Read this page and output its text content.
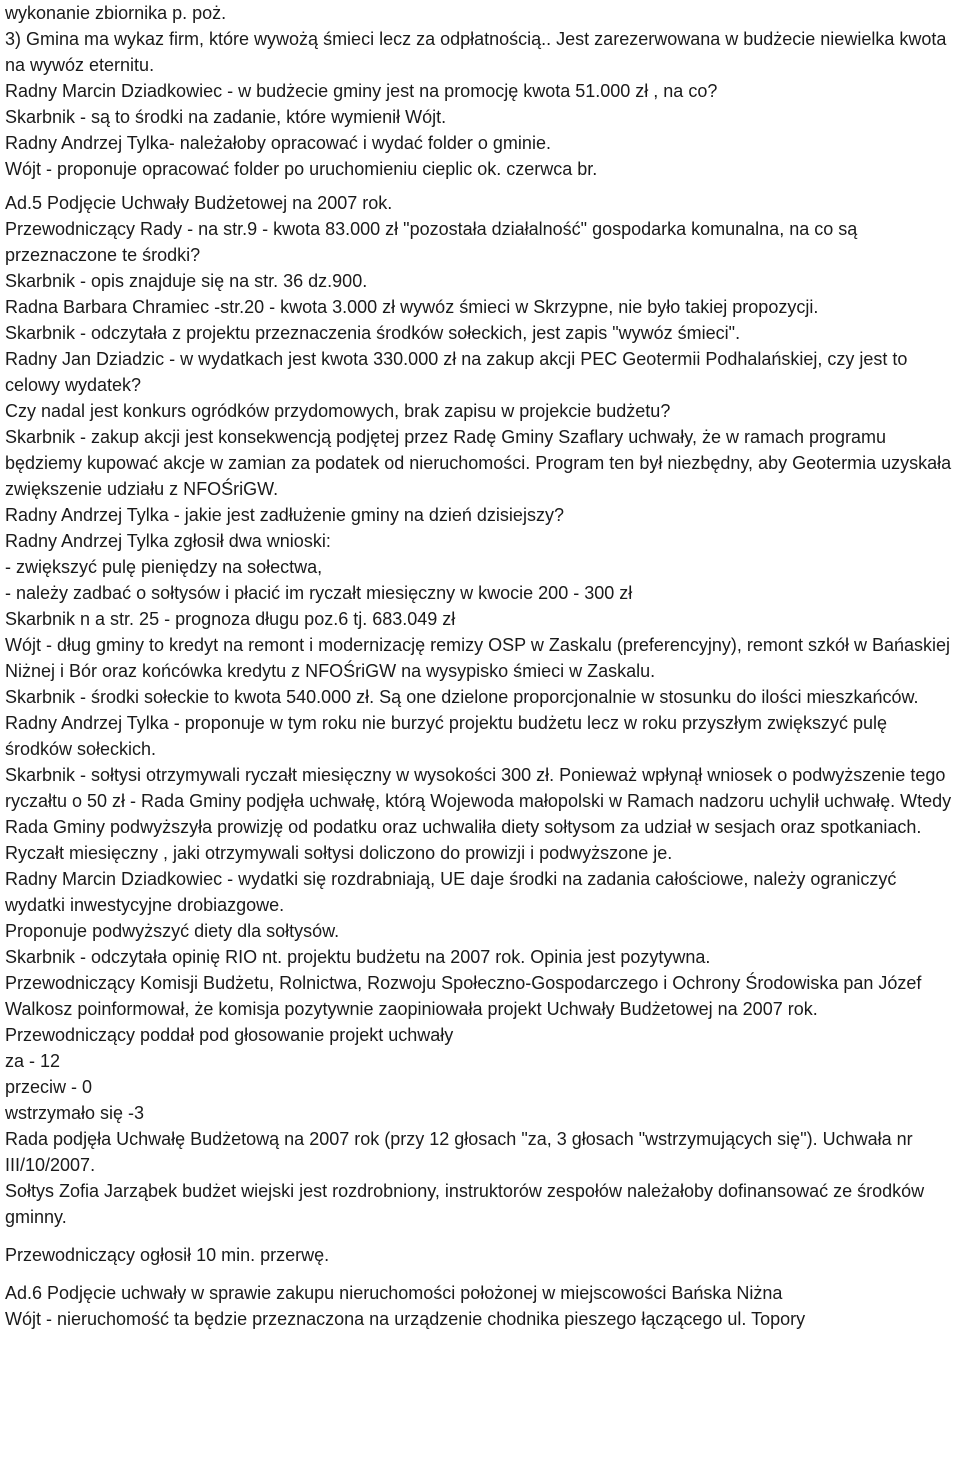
wykonanie zbiornika p. poż.

3) Gmina ma wykaz firm, które wywożą śmieci lecz za odpłatnością.. Jest zarezerwowana w budżecie niewielka kwota na wywóz eternitu.

Radny Marcin Dziadkowiec - w budżecie gminy jest na promocję kwota 51.000 zł , na co?

Skarbnik - są to środki na zadanie, które wymienił Wójt.

Radny Andrzej Tylka- należałoby opracować i wydać folder o gminie.

Wójt - proponuje opracować folder po uruchomieniu cieplic ok. czerwca br.

Ad.5 Podjęcie Uchwały Budżetowej na 2007 rok.

Przewodniczący Rady - na str.9 - kwota 83.000 zł "pozostała działalność" gospodarka komunalna, na co są przeznaczone te środki?

Skarbnik - opis znajduje się na str. 36 dz.900.

Radna Barbara Chramiec -str.20 - kwota 3.000 zł wywóz śmieci w Skrzypne, nie było takiej propozycji.

Skarbnik - odczytała z projektu przeznaczenia środków sołeckich, jest zapis "wywóz śmieci".

Radny Jan Dziadzic - w wydatkach jest kwota 330.000 zł na zakup akcji PEC Geotermii Podhalańskiej, czy jest to celowy wydatek?

Czy nadal jest konkurs ogródków przydomowych, brak zapisu w projekcie budżetu?

Skarbnik - zakup akcji jest konsekwencją podjętej przez Radę Gminy Szaflary uchwały, że w ramach programu będziemy kupować akcje w zamian za podatek od nieruchomości. Program ten był niezbędny, aby Geotermia uzyskała zwiększenie udziału z NFOŚriGW.

Radny Andrzej Tylka - jakie jest zadłużenie gminy na dzień dzisiejszy?

Radny Andrzej Tylka zgłosił dwa wnioski:

- zwiększyć pulę pieniędzy na sołectwa,

- należy zadbać o sołtysów i płacić im ryczałt miesięczny w kwocie 200 - 300 zł

Skarbnik n a str. 25 - prognoza długu poz.6 tj. 683.049 zł

Wójt - dług gminy to kredyt na remont i modernizację remizy OSP w Zaskalu (preferencyjny), remont szkół w Bańaskiej Niżnej i Bór oraz końcówka kredytu z NFOŚriGW na wysypisko śmieci w Zaskalu.

Skarbnik - środki sołeckie to kwota 540.000 zł. Są one dzielone proporcjonalnie w stosunku do ilości mieszkańców.

Radny Andrzej Tylka - proponuje w tym roku nie burzyć projektu budżetu lecz w roku przyszłym zwiększyć pulę środków sołeckich.

Skarbnik - sołtysi otrzymywali ryczałt miesięczny w wysokości 300 zł. Ponieważ wpłynął wniosek o podwyższenie tego ryczałtu o 50 zł - Rada Gminy podjęła uchwałę, którą Wojewoda małopolski w Ramach nadzoru uchylił uchwałę. Wtedy Rada Gminy podwyższyła prowizję od podatku oraz uchwaliła diety sołtysom za udział w sesjach oraz spotkaniach.

Ryczałt miesięczny , jaki otrzymywali sołtysi doliczono do prowizji i podwyższone je.

Radny Marcin Dziadkowiec - wydatki się rozdrabniają, UE daje środki na zadania całościowe, należy ograniczyć wydatki inwestycyjne drobiazgowe.

Proponuje podwyższyć diety dla sołtysów.

Skarbnik - odczytała opinię RIO nt. projektu budżetu na 2007 rok. Opinia jest pozytywna.

Przewodniczący Komisji Budżetu, Rolnictwa, Rozwoju Społeczno-Gospodarczego i Ochrony Środowiska pan Józef Walkosz poinformował, że komisja pozytywnie zaopiniowała projekt Uchwały Budżetowej na 2007 rok.

Przewodniczący poddał pod głosowanie projekt uchwały

za - 12

przeciw - 0

wstrzymało się -3

Rada podjęła Uchwałę Budżetową na 2007 rok (przy 12 głosach "za, 3 głosach "wstrzymujących się"). Uchwała nr III/10/2007.

Sołtys Zofia Jarząbek budżet wiejski jest rozdrobniony, instruktorów zespołów należałoby dofinansować ze środków gminny.

Przewodniczący ogłosił 10 min. przerwę.

Ad.6 Podjęcie uchwały w sprawie zakupu nieruchomości położonej w miejscowości Bańska Niżna

Wójt - nieruchomość ta będzie przeznaczona na urządzenie chodnika pieszego łączącego ul. Topory
